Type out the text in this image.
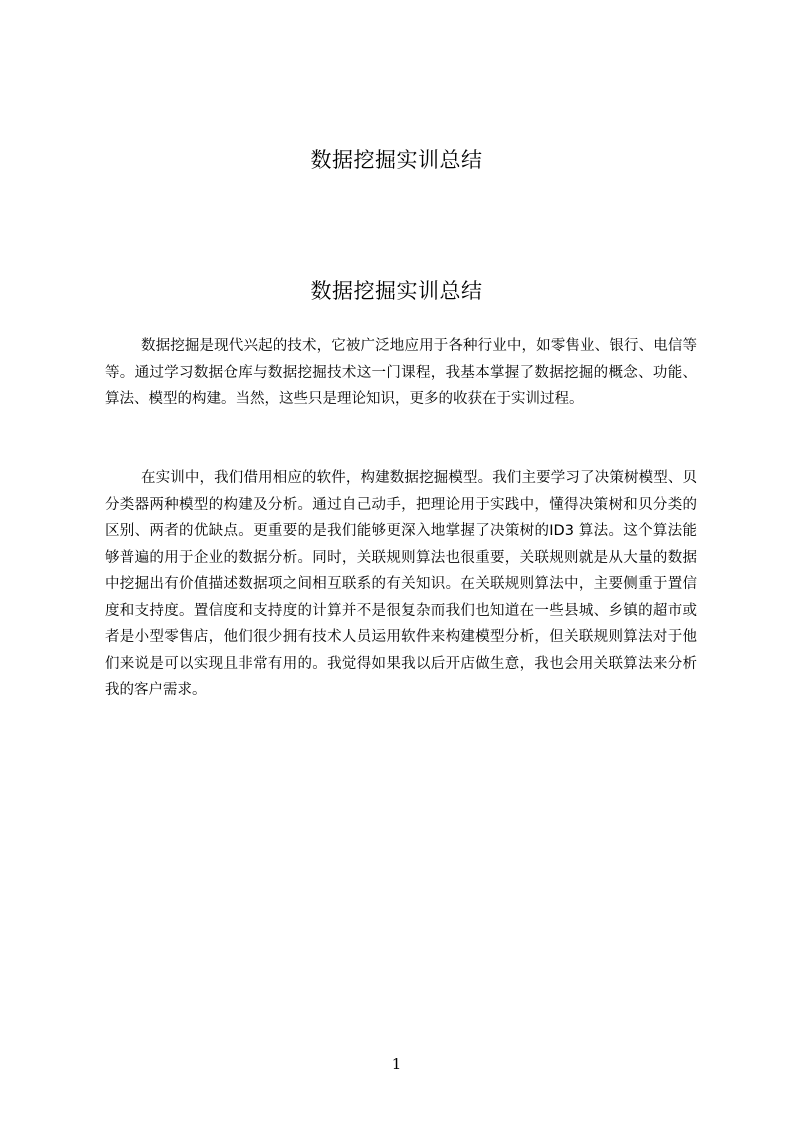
数据挖掘实训总结
数据挖掘实训总结

数据挖掘是现代兴起的技术，它被广泛地应用于各种行业中，如零售业、银行、电信等等。通过学习数据仓库与数据挖掘技术这一门课程，我基本掌握了数据挖掘的概念、功能、算法、模型的构建。当然，这些只是理论知识，更多的收获在于实训过程。

在实训中，我们借用相应的软件，构建数据挖掘模型。我们主要学习了决策树模型、贝分类器两种模型的构建及分析。通过自己动手，把理论用于实践中，懂得决策树和贝分类的区别、两者的优缺点。更重要的是我们能够更深入地掌握了决策树的ID3 算法。这个算法能够普遍的用于企业的数据分析。同时，关联规则算法也很重要，关联规则就是从大量的数据中挖掘出有价值描述数据项之间相互联系的有关知识。在关联规则算法中，主要侧重于置信度和支持度。置信度和支持度的计算并不是很复杂而我们也知道在一些县城、乡镇的超市或者是小型零售店，他们很少拥有技术人员运用软件来构建模型分析，但关联规则算法对于他们来说是可以实现且非常有用的。我觉得如果我以后开店做生意，我也会用关联算法来分析我的客户需求。

1
